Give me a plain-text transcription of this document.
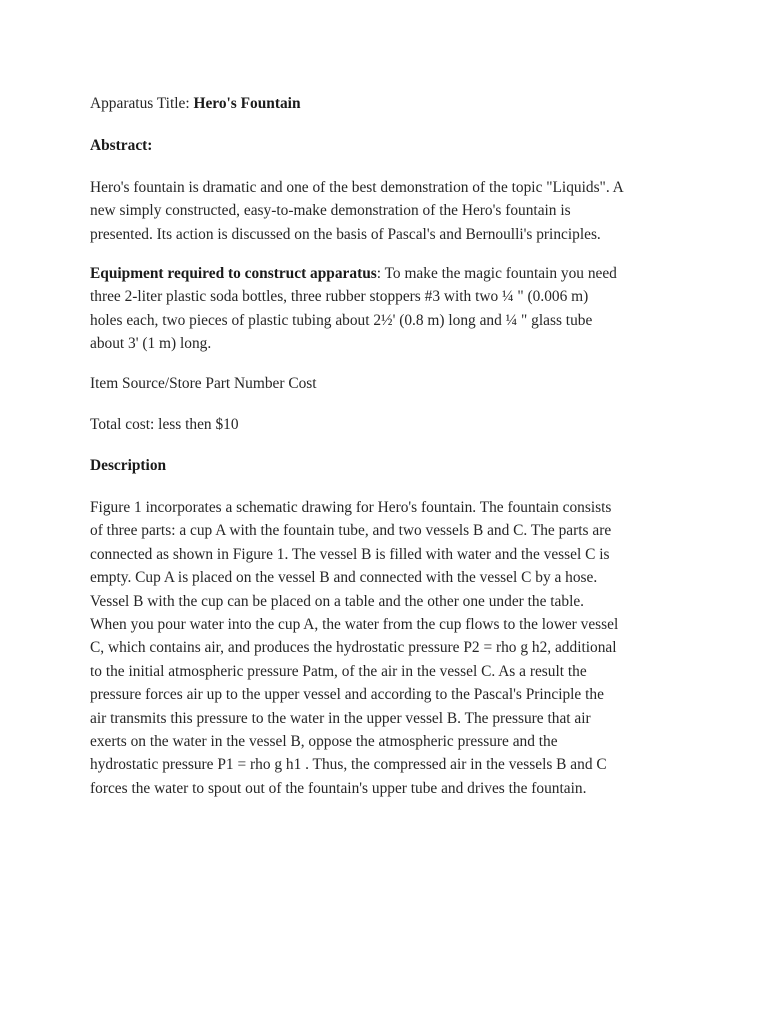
Apparatus Title: Hero's Fountain

Abstract:

Hero's fountain is dramatic and one of the best demonstration of the topic "Liquids". A
new simply constructed, easy-to-make demonstration of the Hero's fountain is
presented. Its action is discussed on the basis of Pascal's and Bernoulli's principles.

Equipment required to construct apparatus: To make the magic fountain you need
three 2-liter plastic soda bottles, three rubber stoppers #3 with two ¼ " (0.006 m)
holes each, two pieces of plastic tubing about 2½' (0.8 m) long and ¼ " glass tube
about 3' (1 m) long.

Item Source/Store Part Number Cost

Total cost: less then $10

Description

Figure 1 incorporates a schematic drawing for Hero's fountain. The fountain consists
of three parts: a cup A with the fountain tube, and two vessels B and C. The parts are
connected as shown in Figure 1. The vessel B is filled with water and the vessel C is
empty. Cup A is placed on the vessel B and connected with the vessel C by a hose.
Vessel B with the cup can be placed on a table and the other one under the table.
When you pour water into the cup A, the water from the cup flows to the lower vessel
C, which contains air, and produces the hydrostatic pressure P2 = rho g h2, additional
to the initial atmospheric pressure Patm, of the air in the vessel C. As a result the
pressure forces air up to the upper vessel and according to the Pascal's Principle the
air transmits this pressure to the water in the upper vessel B. The pressure that air
exerts on the water in the vessel B, oppose the atmospheric pressure and the
hydrostatic pressure P1 = rho g h1 . Thus, the compressed air in the vessels B and C
forces the water to spout out of the fountain's upper tube and drives the fountain.
